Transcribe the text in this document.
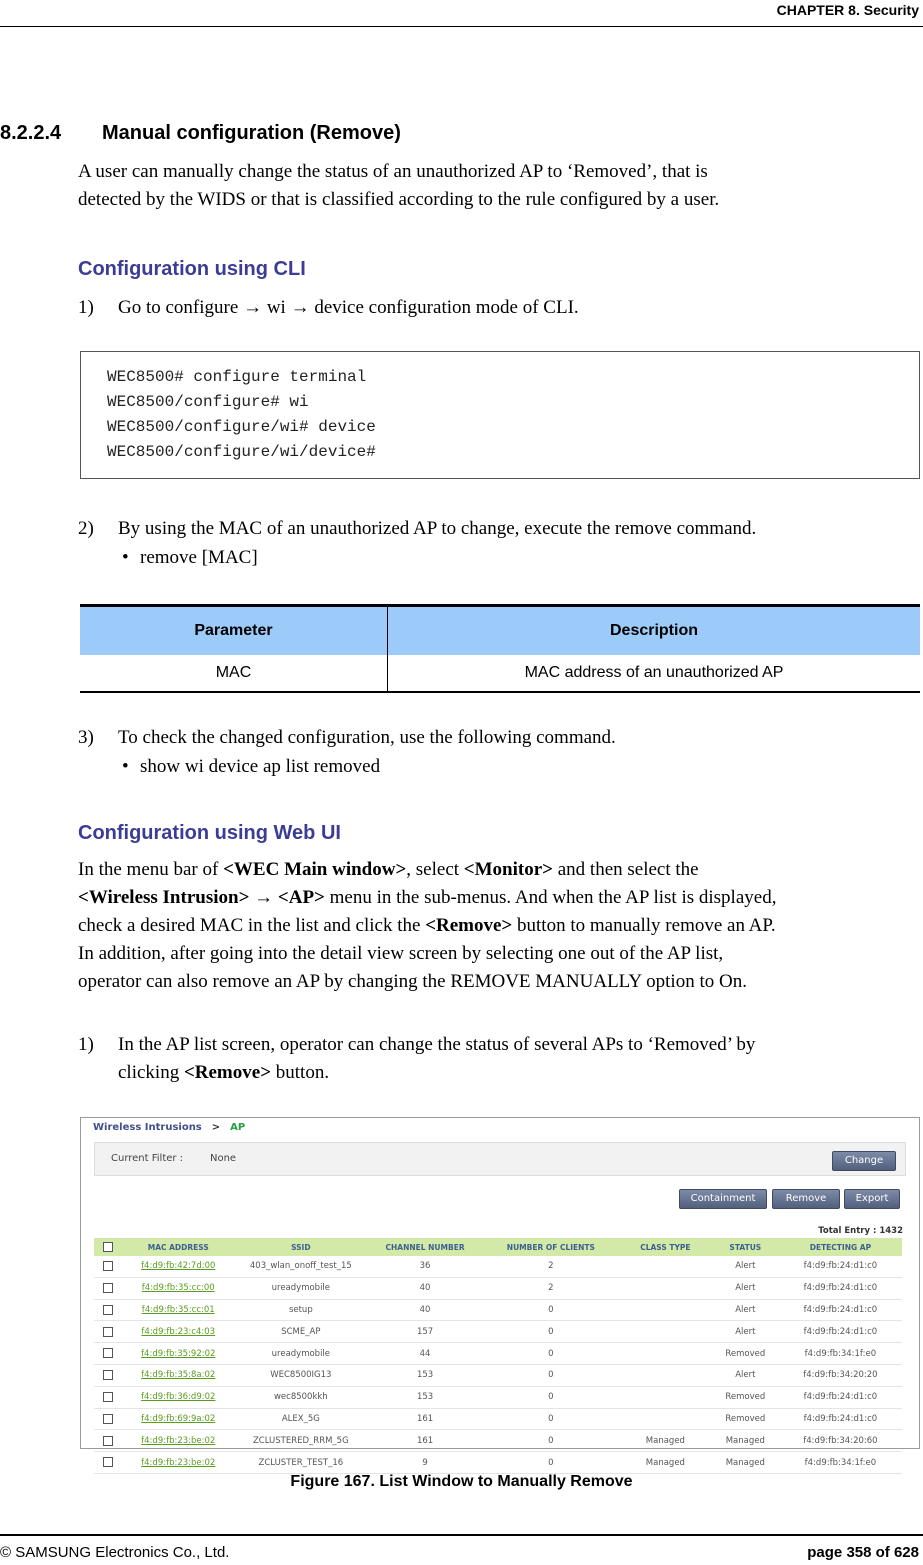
CHAPTER 8. Security
8.2.2.4 Manual configuration (Remove)

A user can manually change the status of an unauthorized AP to ‘Removed’, that is

detected by the WIDS or that is classified according to the rule configured by a user.

Configuration using CLI
1) Go to configure → wi → device configuration mode of CLI.
WEC8500# configure terminal
WEC8500/configure# wi
WEC8500/configure/wi# device
WEC8500/configure/wi/device#
2) By using the MAC of an unauthorized AP to change, execute the remove command.
• remove [MAC]
Parameter	Description
MAC	MAC address of an unauthorized AP
3) To check the changed configuration, use the following command.
• show wi device ap list removed
Configuration using Web UI

In the menu bar of <WEC Main window>, select <Monitor> and then select the

<Wireless Intrusion> → <AP> menu in the sub-menus. And when the AP list is displayed,

check a desired MAC in the list and click the <Remove> button to manually remove an AP.

In addition, after going into the detail view screen by selecting one out of the AP list,

operator can also remove an AP by changing the REMOVE MANUALLY option to On.

1) In the AP list screen, operator can change the status of several APs to ‘Removed’ by
clicking <Remove> button.
Wireless Intrusions > AP
Current Filter :	None	Change
Containment	Remove	Export
Total Entry : 1432
	MAC ADDRESS	SSID	CHANNEL NUMBER	NUMBER OF CLIENTS	CLASS TYPE	STATUS	DETECTING AP
	f4:d9:fb:42:7d:00	403_wlan_onoff_test_15	36	2		Alert	f4:d9:fb:24:d1:c0
	f4:d9:fb:35:cc:00	ureadymobile	40	2		Alert	f4:d9:fb:24:d1:c0
	f4:d9:fb:35:cc:01	setup	40	0		Alert	f4:d9:fb:24:d1:c0
	f4:d9:fb:23:c4:03	SCME_AP	157	0		Alert	f4:d9:fb:24:d1:c0
	f4:d9:fb:35:92:02	ureadymobile	44	0		Removed	f4:d9:fb:34:1f:e0
	f4:d9:fb:35:8a:02	WEC8500IG13	153	0		Alert	f4:d9:fb:34:20:20
	f4:d9:fb:36:d9:02	wec8500kkh	153	0		Removed	f4:d9:fb:24:d1:c0
	f4:d9:fb:69:9a:02	ALEX_5G	161	0		Removed	f4:d9:fb:24:d1:c0
	f4:d9:fb:23:be:02	ZCLUSTERED_RRM_5G	161	0	Managed	Managed	f4:d9:fb:34:20:60
	f4:d9:fb:23:be:02	ZCLUSTER_TEST_16	9	0	Managed	Managed	f4:d9:fb:34:1f:e0
Figure 167. List Window to Manually Remove
© SAMSUNG Electronics Co., Ltd.	page 358 of 628
